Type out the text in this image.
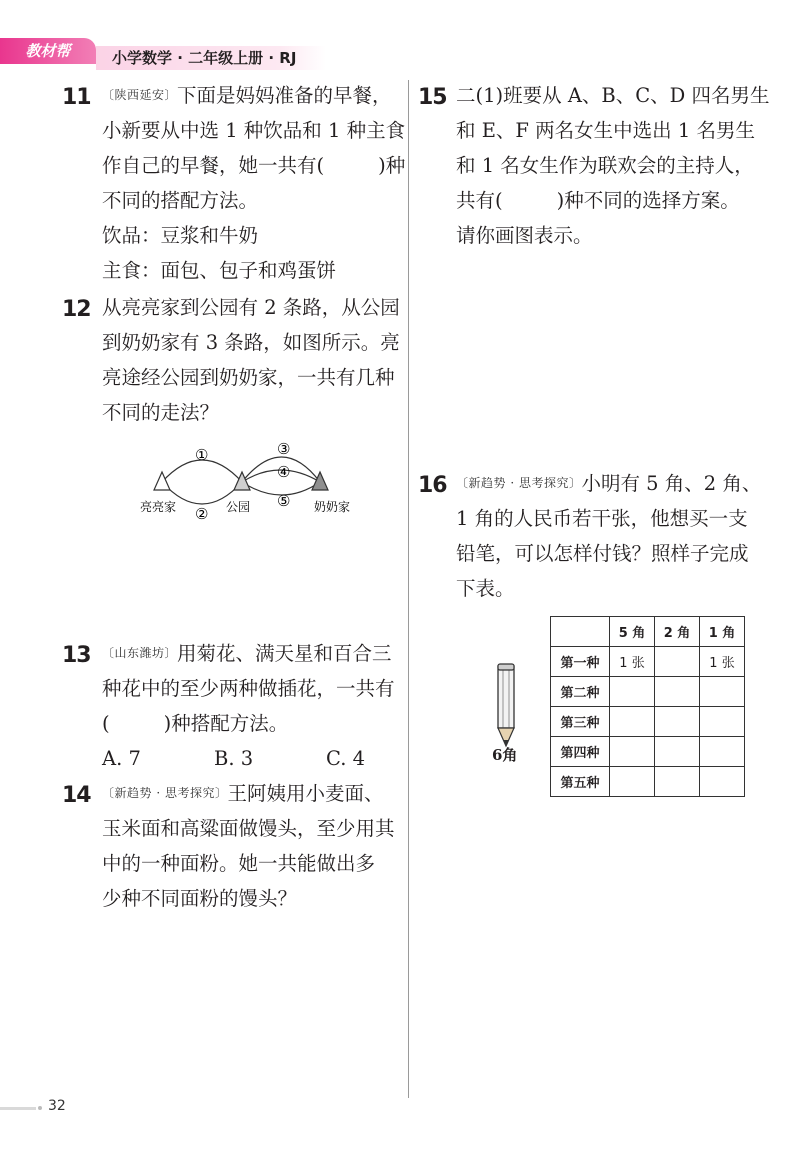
教材帮	小学数学 · 二年级上册 · RJ
11 〔陕西延安〕下面是妈妈准备的早餐，
小新要从中选 1 种饮品和 1 种主食
作自己的早餐，她一共有(	)种
不同的搭配方法。
饮品：豆浆和牛奶
主食：面包、包子和鸡蛋饼
12 从亮亮家到公园有 2 条路，从公园
到奶奶家有 3 条路，如图所示。亮
亮途经公园到奶奶家，一共有几种
不同的走法？
①
②
③
④
⑤
亮亮家	公园	奶奶家
13 〔山东潍坊〕用菊花、满天星和百合三
种花中的至少两种做插花，一共有
(	)种搭配方法。
A. 7	B. 3	C. 4
14 〔新趋势 · 思考探究〕王阿姨用小麦面、
玉米面和高粱面做馒头，至少用其
中的一种面粉。她一共能做出多
少种不同面粉的馒头？
15 二(1)班要从 A、B、C、D 四名男生
和 E、F 两名女生中选出 1 名男生
和 1 名女生作为联欢会的主持人，
共有(	)种不同的选择方案。
请你画图表示。
16 〔新趋势 · 思考探究〕小明有 5 角、2 角、
1 角的人民币若干张，他想买一支
铅笔，可以怎样付钱？照样子完成
下表。
6角
	5 角	2 角	1 角
第一种	1 张		1 张
第二种			
第三种			
第四种			
第五种			
32
